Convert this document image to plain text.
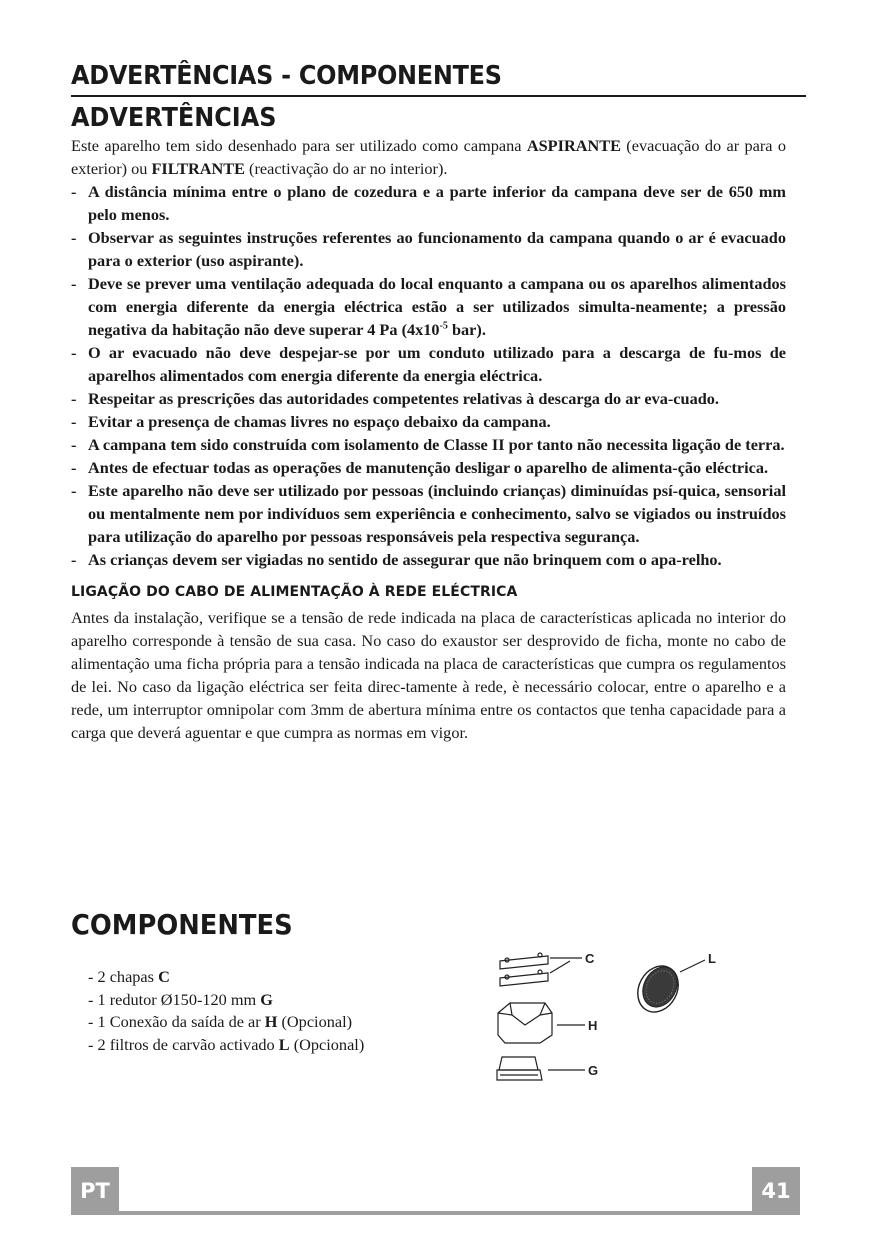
ADVERTÊNCIAS - COMPONENTES
ADVERTÊNCIAS

Este aparelho tem sido desenhado para ser utilizado como campana ASPIRANTE (evacuação do ar para o exterior) ou FILTRANTE (reactivação do ar no interior).

- A distância mínima entre o plano de cozedura e a parte inferior da campana deve ser de 650 mm pelo menos.
- Observar as seguintes instruções referentes ao funcionamento da campana quando o ar é evacuado para o exterior (uso aspirante).
- Deve se prever uma ventilação adequada do local enquanto a campana ou os aparelhos alimentados com energia diferente da energia eléctrica estão a ser utilizados simulta-neamente; a pressão negativa da habitação não deve superar 4 Pa ($4x10^{-5}$ bar).
- O ar evacuado não deve despejar-se por um conduto utilizado para a descarga de fu-mos de aparelhos alimentados com energia diferente da energia eléctrica.
- Respeitar as prescrições das autoridades competentes relativas à descarga do ar eva-cuado.
- Evitar a presença de chamas livres no espaço debaixo da campana.
- A campana tem sido construída com isolamento de Classe II por tanto não necessita ligação de terra.
- Antes de efectuar todas as operações de manutenção desligar o aparelho de alimenta-ção eléctrica.
- Este aparelho não deve ser utilizado por pessoas (incluindo crianças) diminuídas psí-quica, sensorial ou mentalmente nem por indivíduos sem experiência e conhecimento, salvo se vigiados ou instruídos para utilização do aparelho por pessoas responsáveis pela respectiva segurança.
- As crianças devem ser vigiadas no sentido de assegurar que não brinquem com o apa-relho.
LIGAÇÃO DO CABO DE ALIMENTAÇÃO À REDE ELÉCTRICA

Antes da instalação, verifique se a tensão de rede indicada na placa de características aplicada no interior do aparelho corresponde à tensão de sua casa. No caso do exaustor ser desprovido de ficha, monte no cabo de alimentação uma ficha própria para a tensão indicada na placa de características que cumpra os regulamentos de lei. No caso da ligação eléctrica ser feita direc-tamente à rede, è necessário colocar, entre o aparelho e a rede, um interruptor omnipolar com 3mm de abertura mínima entre os contactos que tenha capacidade para a carga que deverá aguentar e que cumpra as normas em vigor.

COMPONENTES
- 2 chapas C
- 1 redutor Ø150-120 mm G
- 1 Conexão da saída de ar H (Opcional)
- 2 filtros de carvão activado L (Opcional)
C
H
G
L
PT	41
